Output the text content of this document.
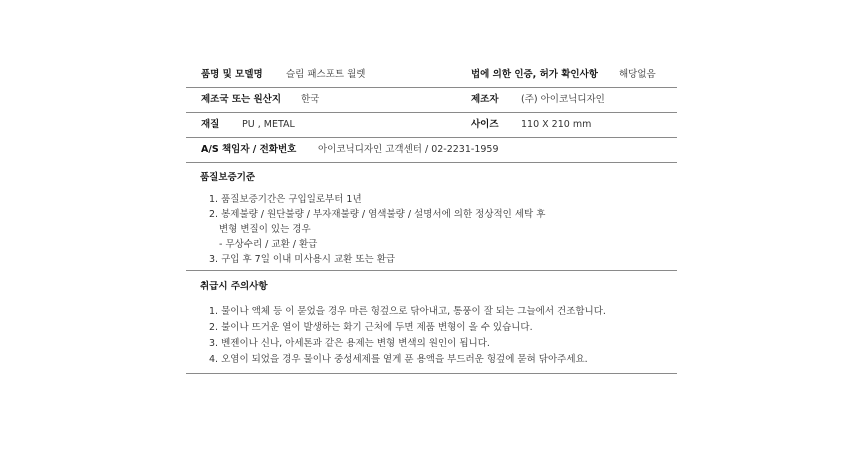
품명 및 모델명 슬림 패스포트 월렛	법에 의한 인증, 허가 확인사항 해당없음
제조국 또는 원산지 한국	제조자 (주) 아이코닉디자인
재질 PU , METAL	사이즈 110 X 210 mm
A/S 책임자 / 전화번호 아이코닉디자인 고객센터 / 02-2231-1959
품질보증기준
1. 품질보증기간은 구입일로부터 1년
2. 봉제불량 / 원단불량 / 부자재불량 / 염색불량 / 설명서에 의한 정상적인 세탁 후
변형 변질이 있는 경우
- 무상수리 / 교환 / 환급
3. 구입 후 7일 이내 미사용시 교환 또는 환급
취급시 주의사항
1. 물이나 액체 등 이 묻었을 경우 마른 헝겊으로 닦아내고, 통풍이 잘 되는 그늘에서 건조합니다.
2. 불이나 뜨거운 열이 발생하는 화기 근처에 두면 제품 변형이 올 수 있습니다.
3. 벤젠이나 신나, 아세톤과 같은 용제는 변형 변색의 원인이 됩니다.
4. 오염이 되었을 경우 물이나 중성세제를 옅게 푼 용액을 부드러운 헝겊에 묻혀 닦아주세요.
